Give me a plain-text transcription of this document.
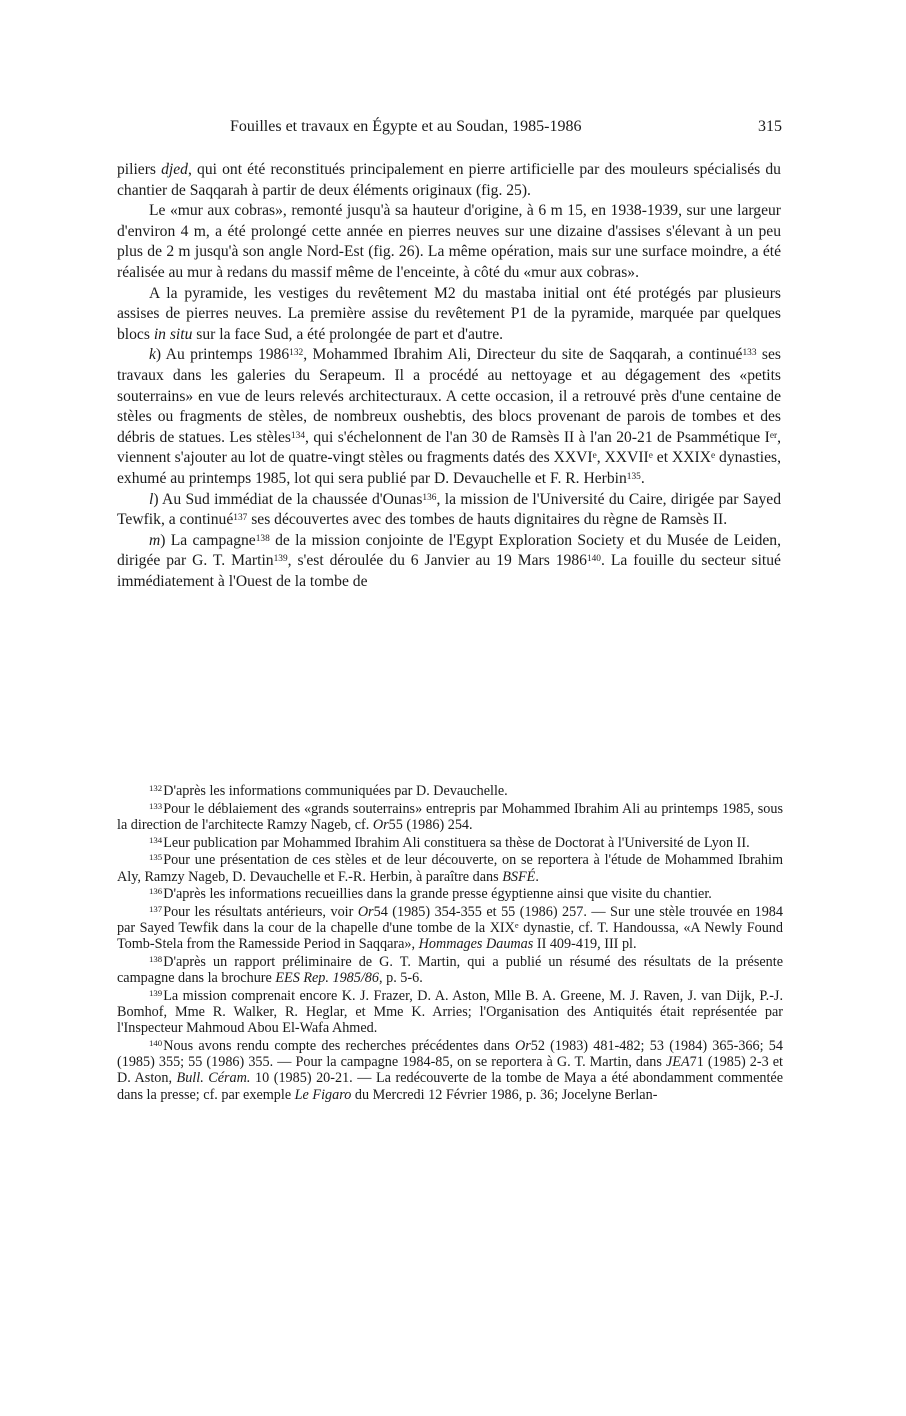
Fouilles et travaux en Égypte et au Soudan, 1985-1986	315

piliers djed, qui ont été reconstitués principalement en pierre artificielle par des mouleurs spécialisés du chantier de Saqqarah à partir de deux éléments originaux (fig. 25).

Le «mur aux cobras», remonté jusqu'à sa hauteur d'origine, à 6 m 15, en 1938-1939, sur une largeur d'environ 4 m, a été prolongé cette année en pierres neuves sur une dizaine d'assises s'élevant à un peu plus de 2 m jusqu'à son angle Nord-Est (fig. 26). La même opération, mais sur une surface moindre, a été réalisée au mur à redans du massif même de l'enceinte, à côté du «mur aux cobras».

A la pyramide, les vestiges du revêtement M2 du mastaba initial ont été protégés par plusieurs assises de pierres neuves. La première assise du revêtement P1 de la pyramide, marquée par quelques blocs in situ sur la face Sud, a été prolongée de part et d'autre.

k) Au printemps 1986$^{132}$, Mohammed Ibrahim Ali, Directeur du site de Saqqarah, a continué$^{133}$ ses travaux dans les galeries du Serapeum. Il a procédé au nettoyage et au dégagement des «petits souterrains» en vue de leurs relevés architecturaux. A cette occasion, il a retrouvé près d'une centaine de stèles ou fragments de stèles, de nombreux oushebtis, des blocs provenant de parois de tombes et des débris de statues. Les stèles$^{134}$, qui s'échelonnent de l'an 30 de Ramsès II à l'an 20-21 de Psammétique Ier, viennent s'ajouter au lot de quatre-vingt stèles ou fragments datés des XXVIe, XXVIIe et XXIXe dynasties, exhumé au printemps 1985, lot qui sera publié par D. Devauchelle et F. R. Herbin$^{135}$.

l) Au Sud immédiat de la chaussée d'Ounas$^{136}$, la mission de l'Université du Caire, dirigée par Sayed Tewfik, a continué$^{137}$ ses découvertes avec des tombes de hauts dignitaires du règne de Ramsès II.

m) La campagne$^{138}$ de la mission conjointe de l'Egypt Exploration Society et du Musée de Leiden, dirigée par G. T. Martin$^{139}$, s'est déroulée du 6 Janvier au 19 Mars 1986$^{140}$. La fouille du secteur situé immédiatement à l'Ouest de la tombe de

$^{132}$D'après les informations communiquées par D. Devauchelle.

$^{133}$Pour le déblaiement des «grands souterrains» entrepris par Mohammed Ibrahim Ali au printemps 1985, sous la direction de l'architecte Ramzy Nageb, cf. Or55 (1986) 254.

$^{134}$Leur publication par Mohammed Ibrahim Ali constituera sa thèse de Doctorat à l'Université de Lyon II.

$^{135}$Pour une présentation de ces stèles et de leur découverte, on se reportera à l'étude de Mohammed Ibrahim Aly, Ramzy Nageb, D. Devauchelle et F.-R. Herbin, à paraître dans BSFÉ.

$^{136}$D'après les informations recueillies dans la grande presse égyptienne ainsi que visite du chantier.

$^{137}$Pour les résultats antérieurs, voir Or54 (1985) 354-355 et 55 (1986) 257. — Sur une stèle trouvée en 1984 par Sayed Tewfik dans la cour de la chapelle d'une tombe de la XIXe dynastie, cf. T. Handoussa, «A Newly Found Tomb-Stela from the Ramesside Period in Saqqara», Hommages Daumas II 409-419, III pl.

$^{138}$D'après un rapport préliminaire de G. T. Martin, qui a publié un résumé des résultats de la présente campagne dans la brochure EES Rep. 1985/86, p. 5-6.

$^{139}$La mission comprenait encore K. J. Frazer, D. A. Aston, Mlle B. A. Greene, M. J. Raven, J. van Dijk, P.-J. Bomhof, Mme R. Walker, R. Heglar, et Mme K. Arries; l'Organisation des Antiquités était représentée par l'Inspecteur Mahmoud Abou El-Wafa Ahmed.

$^{140}$Nous avons rendu compte des recherches précédentes dans Or52 (1983) 481-482; 53 (1984) 365-366; 54 (1985) 355; 55 (1986) 355. — Pour la campagne 1984-85, on se reportera à G. T. Martin, dans JEA71 (1985) 2-3 et D. Aston, Bull. Céram. 10 (1985) 20-21. — La redécouverte de la tombe de Maya a été abondamment commentée dans la presse; cf. par exemple Le Figaro du Mercredi 12 Février 1986, p. 36; Jocelyne Berlan-
